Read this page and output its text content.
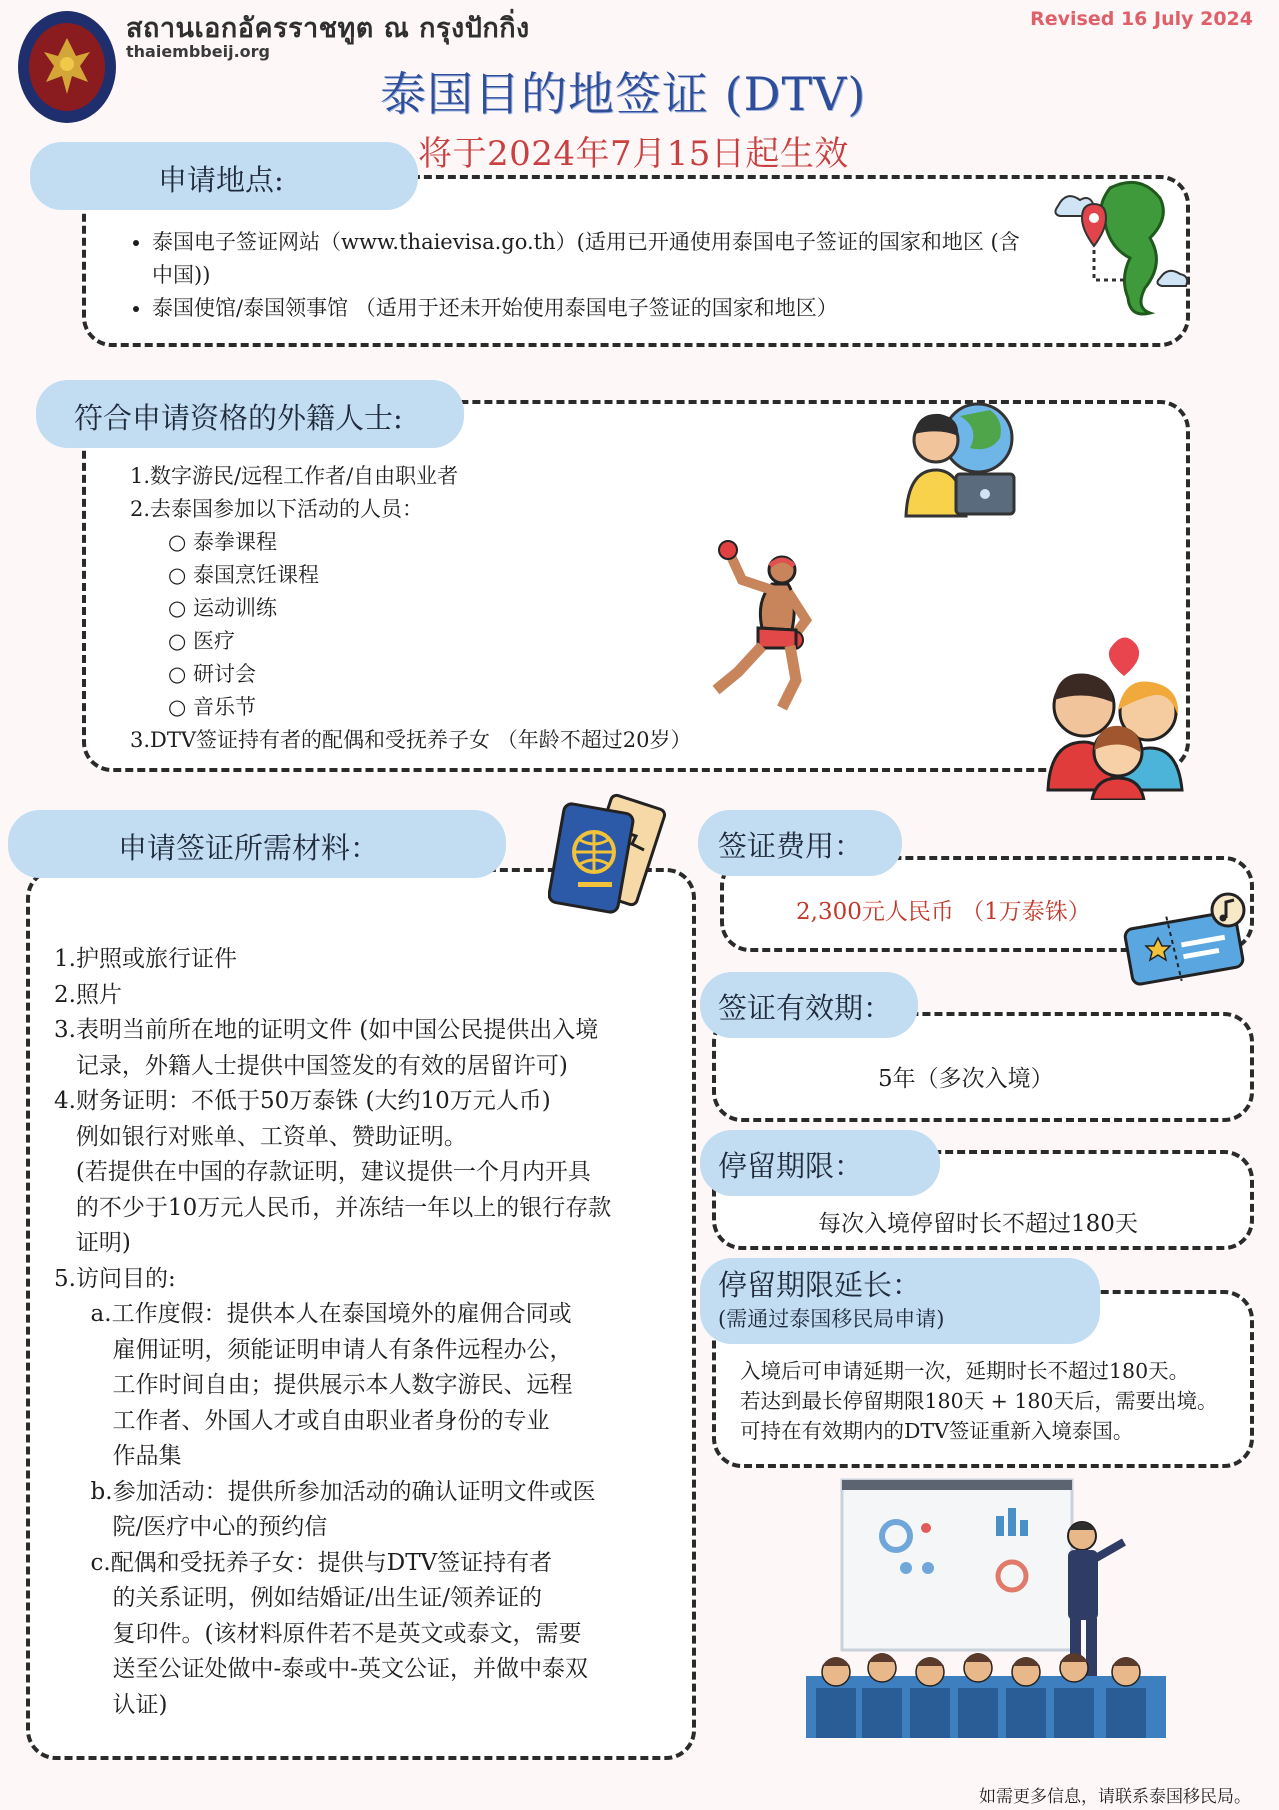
สถานเอกอัครราชทูต ณ กรุงปักกิ่ง
thaiembbeij.org
Revised 16 July 2024
泰国目的地签证 (DTV)
将于2024年7月15日起生效
申请地点:
• 泰国电子签证网站（www.thaievisa.go.th）(适用已开通使用泰国电子签证的国家和地区 (含中国))
• 泰国使馆/泰国领事馆 （适用于还未开始使用泰国电子签证的国家和地区）
符合申请资格的外籍人士:
1.数字游民/远程工作者/自由职业者
2.去泰国参加以下活动的人员：
○ 泰拳课程
○ 泰国烹饪课程
○ 运动训练
○ 医疗
○ 研讨会
○ 音乐节
3.DTV签证持有者的配偶和受抚养子女 （年龄不超过20岁）
申请签证所需材料：
1.护照或旅行证件
2.照片
3.表明当前所在地的证明文件 (如中国公民提供出入境
记录，外籍人士提供中国签发的有效的居留许可)
4.财务证明：不低于50万泰铢 (大约10万元人币)
例如银行对账单、工资单、赞助证明。
(若提供在中国的存款证明，建议提供一个月内开具
的不少于10万元人民币，并冻结一年以上的银行存款
证明)
5.访问目的:
a.工作度假：提供本人在泰国境外的雇佣合同或
雇佣证明，须能证明申请人有条件远程办公，
工作时间自由；提供展示本人数字游民、远程
工作者、外国人才或自由职业者身份的专业
作品集
b.参加活动：提供所参加活动的确认证明文件或医
院/医疗中心的预约信
c.配偶和受抚养子女：提供与DTV签证持有者
的关系证明，例如结婚证/出生证/领养证的
复印件。(该材料原件若不是英文或泰文，需要
送至公证处做中-泰或中-英文公证，并做中泰双
认证)
签证费用：
2,300元人民币 （1万泰铢）
签证有效期：
5年（多次入境）
停留期限：
每次入境停留时长不超过180天
停留期限延长：
(需通过泰国移民局申请)
入境后可申请延期一次，延期时长不超过180天。
若达到最长停留期限180天 + 180天后，需要出境。
可持在有效期内的DTV签证重新入境泰国。
如需更多信息，请联系泰国移民局。
